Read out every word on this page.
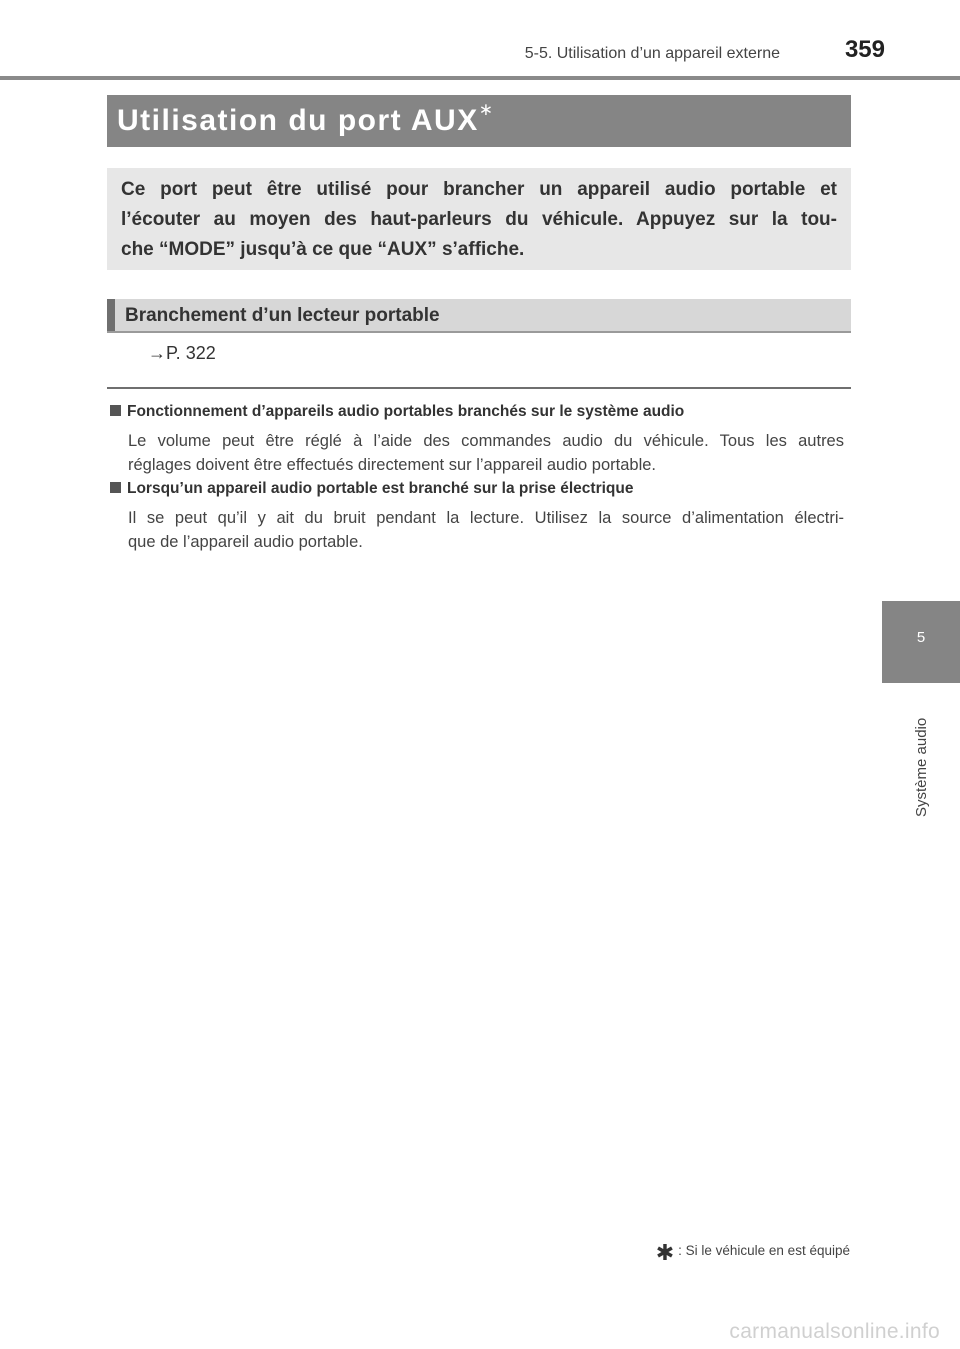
5-5. Utilisation d’un appareil externe	359
Utilisation du port AUX ∗
Ce port peut être utilisé pour brancher un appareil audio portable et
l’écouter au moyen des haut-parleurs du véhicule. Appuyez sur la tou-
che “MODE” jusqu’à ce que “AUX” s’affiche.
Branchement d’un lecteur portable
→P. 322
Fonctionnement d’appareils audio portables branchés sur le système audio
Le volume peut être réglé à l’aide des commandes audio du véhicule. Tous les autres
réglages doivent être effectués directement sur l’appareil audio portable.
Lorsqu’un appareil audio portable est branché sur la prise électrique
Il se peut qu’il y ait du bruit pendant la lecture. Utilisez la source d’alimentation électri-
que de l’appareil audio portable.
5
Système audio
✱ : Si le véhicule en est équipé
carmanualsonline.info
